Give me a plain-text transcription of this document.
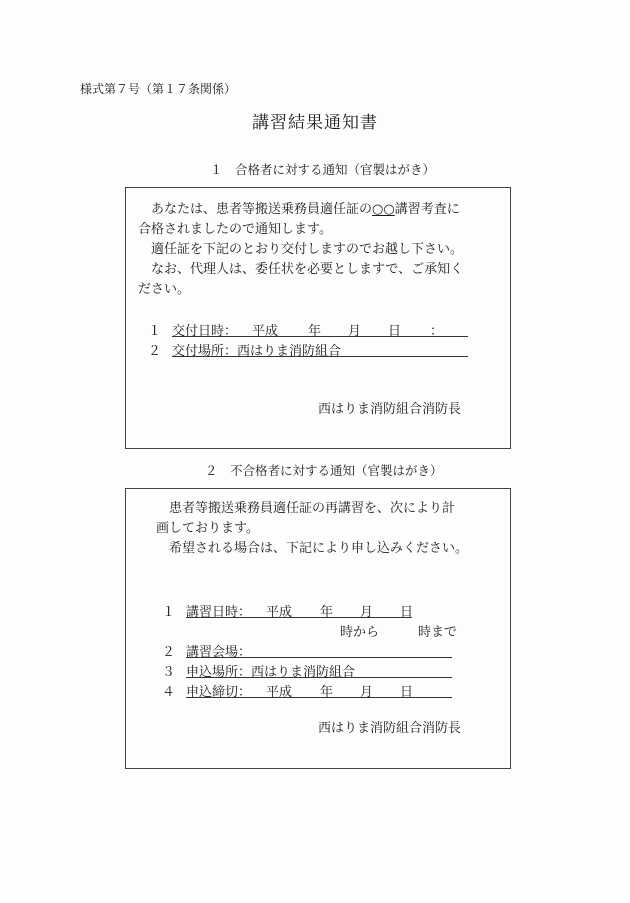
様式第７号（第１７条関係）
講習結果通知書
１　合格者に対する通知（官製はがき）
　あなたは、患者等搬送乗務員適任証の○○講習考査に
合格されましたので通知します。
　適任証を下記のとおり交付しますのでお越し下さい。
　なお、代理人は、委任状を必要としますで、ご承知く
ださい。
１ 交付日時： 平成 年 月 日 ：
２ 交付場所：西はりま消防組合
西はりま消防組合消防長
２　不合格者に対する通知（官製はがき）
　患者等搬送乗務員適任証の再講習を、次により計
画しております。
　希望される場合は、下記により申し込みください。
１ 講習日時： 平成 年 月 日
時から	時まで
２ 講習会場：
３ 申込場所：西はりま消防組合
４ 申込締切： 平成 年 月 日
西はりま消防組合消防長
